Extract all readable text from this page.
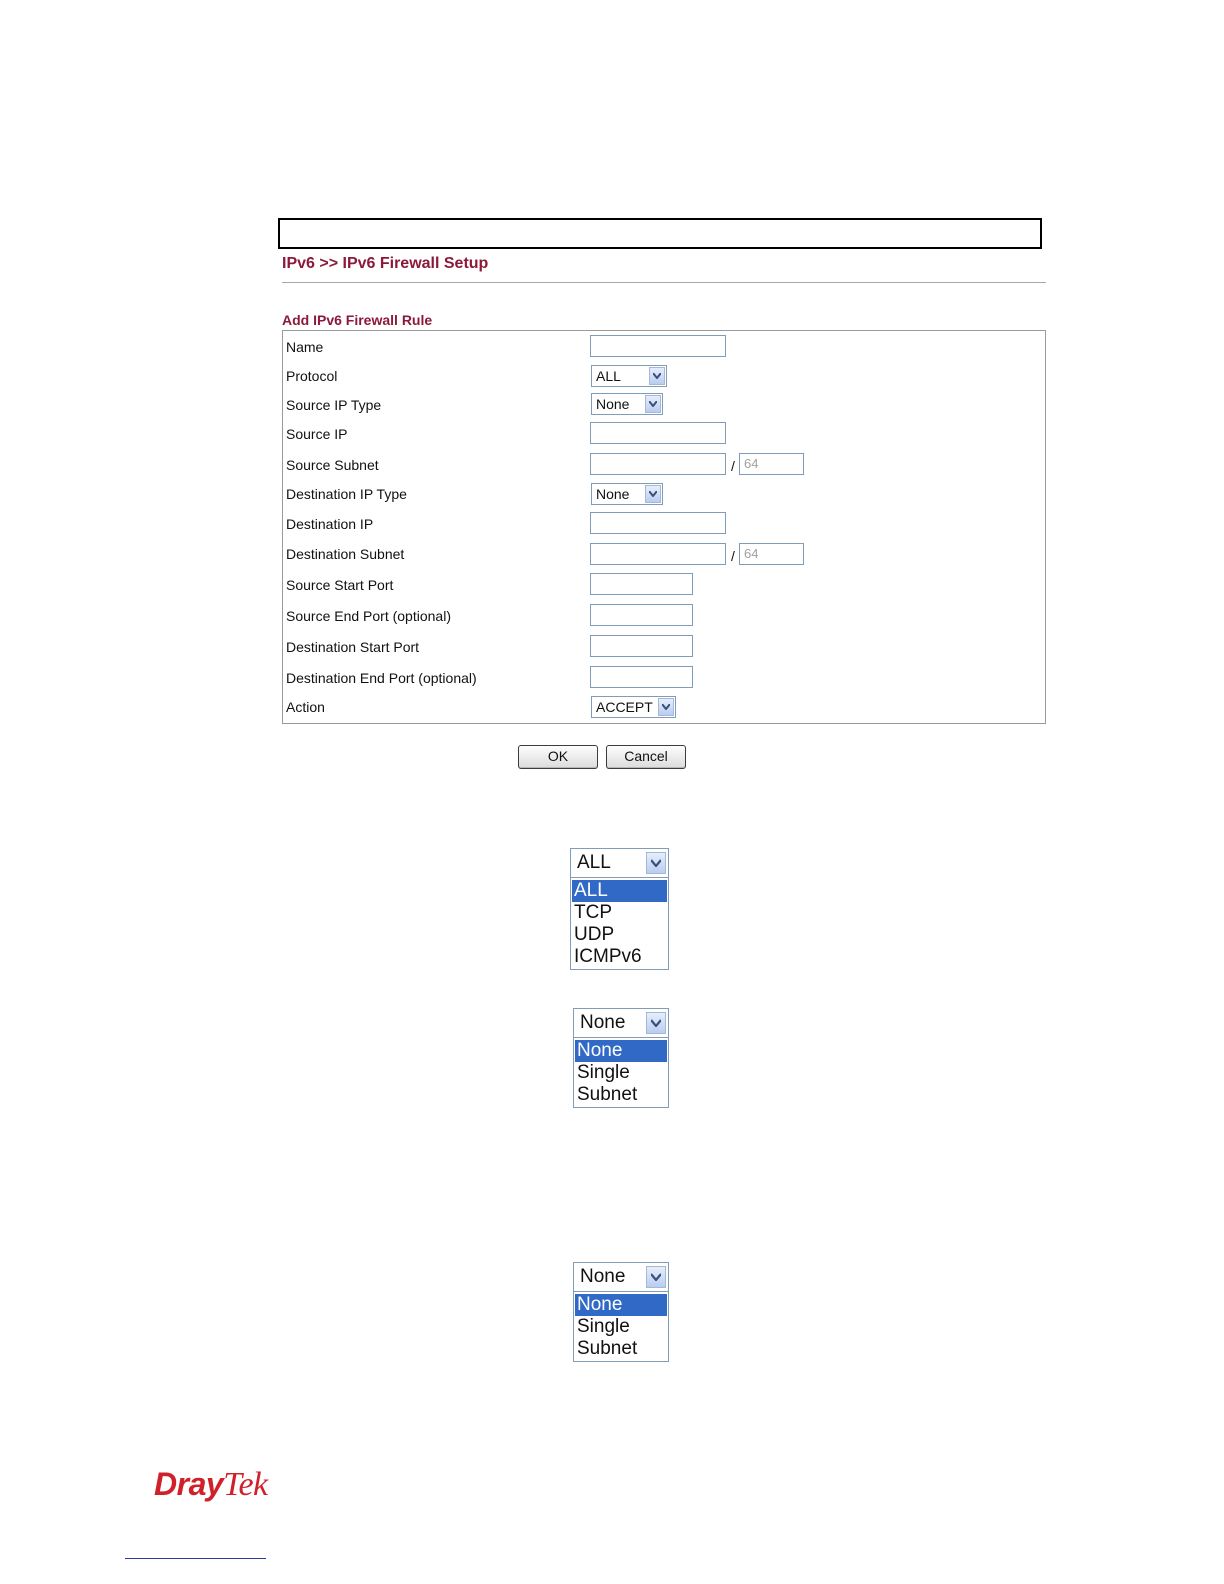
IPv6 >> IPv6 Firewall Setup
Add IPv6 Firewall Rule
Name
Protocol
Source IP Type
Source IP
Source Subnet
Destination IP Type
Destination IP
Destination Subnet
Source Start Port
Source End Port (optional)
Destination Start Port
Destination End Port (optional)
Action
ALL
None
/ 64
None
/ 64
ACCEPT
OK	Cancel
ALL
ALL
TCP
UDP
ICMPv6
None
None
Single
Subnet
None
None
Single
Subnet
DrayTek
